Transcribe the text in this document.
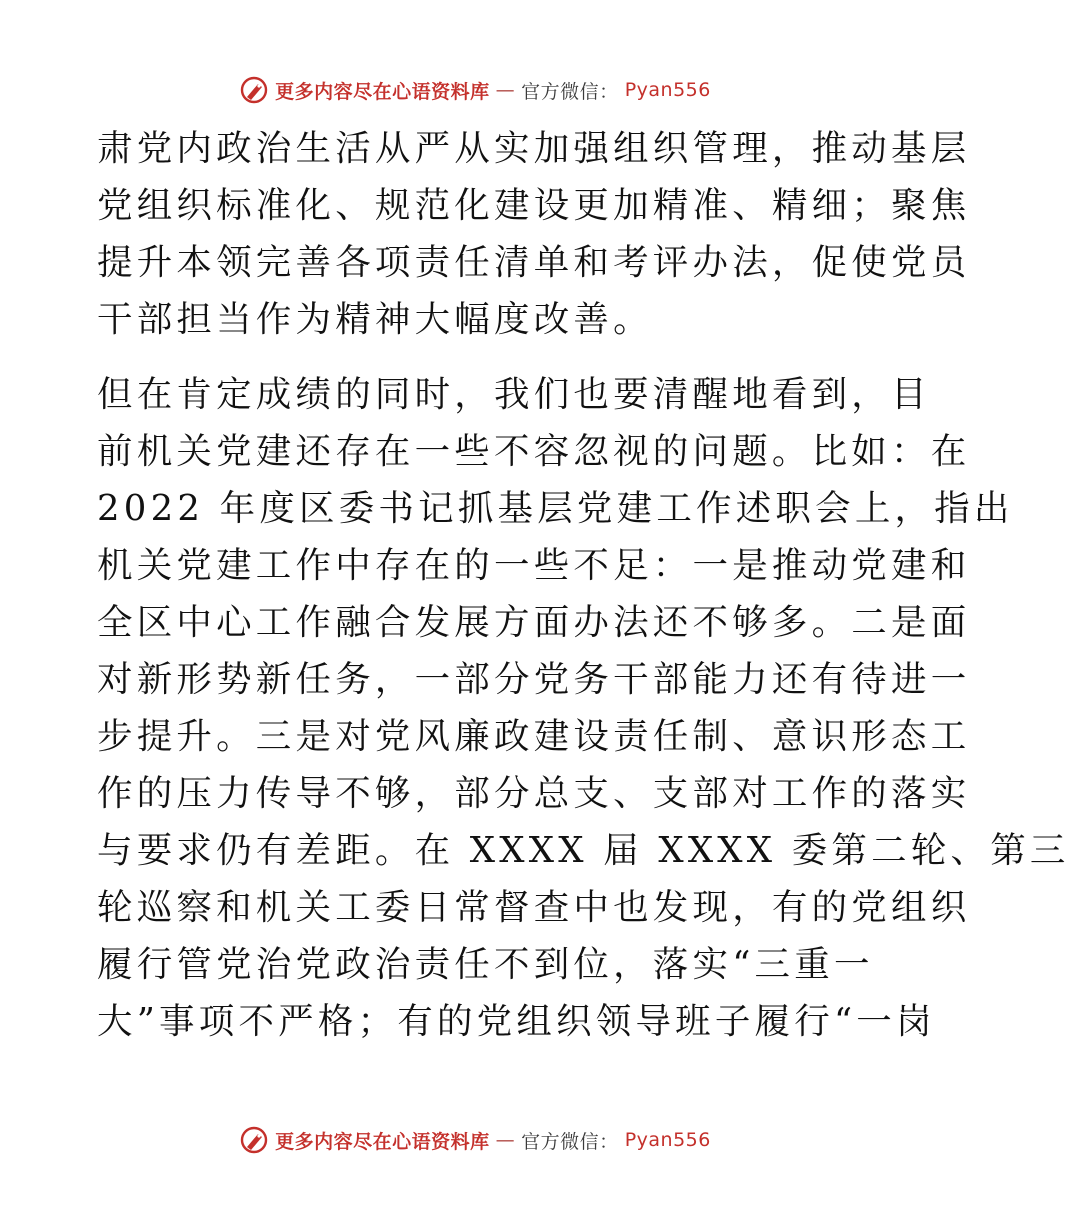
更多内容尽在心语资料库 — 官方微信： Pyan556
肃党内政治生活从严从实加强组织管理，推动基层
党组织标准化、规范化建设更加精准、精细；聚焦
提升本领完善各项责任清单和考评办法，促使党员
干部担当作为精神大幅度改善。
但在肯定成绩的同时，我们也要清醒地看到，目
前机关党建还存在一些不容忽视的问题。比如：在
2022 年度区委书记抓基层党建工作述职会上，指出
机关党建工作中存在的一些不足：一是推动党建和
全区中心工作融合发展方面办法还不够多。二是面
对新形势新任务，一部分党务干部能力还有待进一
步提升。三是对党风廉政建设责任制、意识形态工
作的压力传导不够，部分总支、支部对工作的落实
与要求仍有差距。在 XXXX 届 XXXX 委第二轮、第三
轮巡察和机关工委日常督查中也发现，有的党组织
履行管党治党政治责任不到位，落实“三重一
大”事项不严格；有的党组织领导班子履行“一岗
更多内容尽在心语资料库 — 官方微信： Pyan556
